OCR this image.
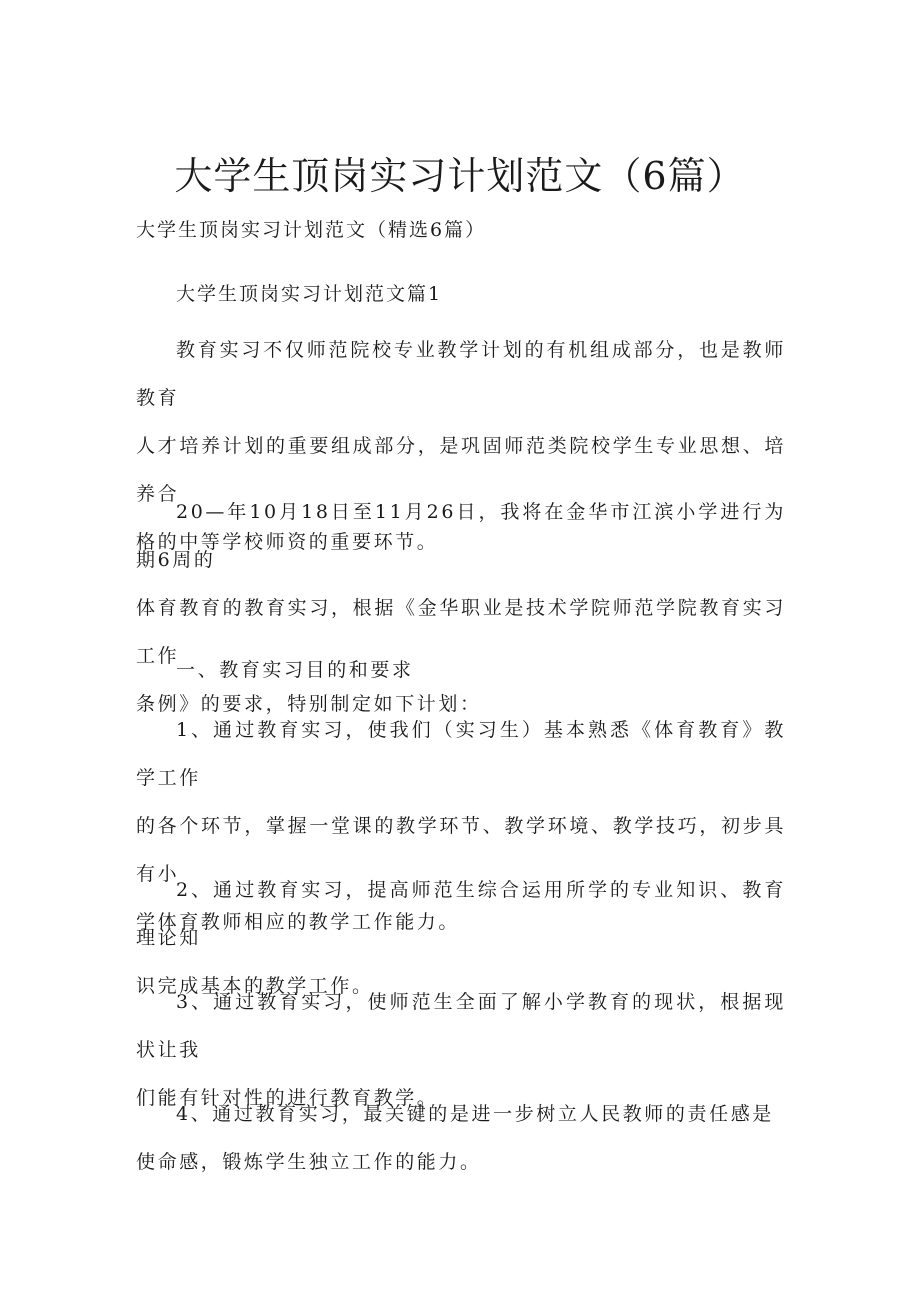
大学生顶岗实习计划范文（6篇）

大学生顶岗实习计划范文（精选6篇）

大学生顶岗实习计划范文篇1

教育实习不仅师范院校专业教学计划的有机组成部分，也是教师教育
人才培养计划的重要组成部分，是巩固师范类院校学生专业思想、培养合
格的中等学校师资的重要环节。

20—年10月18日至11月26日，我将在金华市江滨小学进行为期6周的
体育教育的教育实习，根据《金华职业是技术学院师范学院教育实习工作
条例》的要求，特别制定如下计划：

一、教育实习目的和要求

1、通过教育实习，使我们（实习生）基本熟悉《体育教育》教学工作
的各个环节，掌握一堂课的教学环节、教学环境、教学技巧，初步具有小
学体育教师相应的教学工作能力。

2、通过教育实习，提高师范生综合运用所学的专业知识、教育理论知
识完成基本的教学工作。

3、通过教育实习，使师范生全面了解小学教育的现状，根据现状让我
们能有针对性的进行教育教学。

4、通过教育实习，最关键的是进一步树立人民教师的责任感是
使命感，锻炼学生独立工作的能力。
